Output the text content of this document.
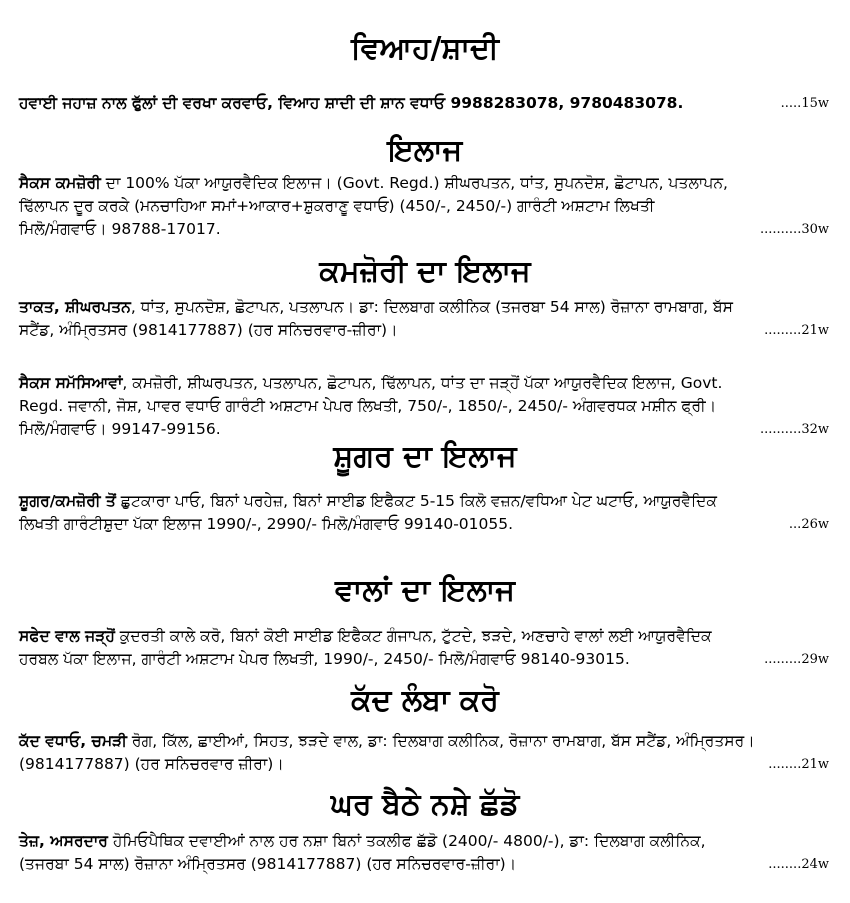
ਵਿਆਹ/ਸ਼ਾਦੀ
ਹਵਾਈ ਜਹਾਜ਼ ਨਾਲ ਫੁੱਲਾਂ ਦੀ ਵਰਖਾ ਕਰਵਾਓ, ਵਿਆਹ ਸ਼ਾਦੀ ਦੀ ਸ਼ਾਨ ਵਧਾਓ 9988283078, 9780483078.	.....15w
ਇਲਾਜ
ਸੈਕਸ ਕਮਜ਼ੋਰੀ ਦਾ 100% ਪੱਕਾ ਆਯੁਰਵੈਦਿਕ ਇਲਾਜ। (Govt. Regd.) ਸ਼ੀਘਰਪਤਨ, ਧਾਂਤ, ਸੁਪਨਦੋਸ਼, ਛੋਟਾਪਨ, ਪਤਲਾਪਨ,
ਢਿੱਲਾਪਨ ਦੂਰ ਕਰਕੇ (ਮਨਚਾਹਿਆ ਸਮਾਂ+ਆਕਾਰ+ਸ਼ੁਕਰਾਣੂ ਵਧਾਓ) (450/-, 2450/-) ਗਾਰੰਟੀ ਅਸ਼ਟਾਮ ਲਿਖਤੀ
ਮਿਲੋ/ਮੰਗਵਾਓ। 98788-17017.	..........30w
ਕਮਜ਼ੋਰੀ ਦਾ ਇਲਾਜ
ਤਾਕਤ, ਸ਼ੀਘਰਪਤਨ, ਧਾਂਤ, ਸੁਪਨਦੋਸ਼, ਛੋਟਾਪਨ, ਪਤਲਾਪਨ। ਡਾ: ਦਿਲਬਾਗ ਕਲੀਨਿਕ (ਤਜਰਬਾ 54 ਸਾਲ) ਰੋਜ਼ਾਨਾ ਰਾਮਬਾਗ, ਬੱਸ
ਸਟੈਂਡ, ਅੰਮ੍ਰਿਤਸਰ (9814177887) (ਹਰ ਸਨਿਚਰਵਾਰ-ਜ਼ੀਰਾ)।	.........21w
ਸੈਕਸ ਸਮੱਸਿਆਵਾਂ, ਕਮਜ਼ੋਰੀ, ਸ਼ੀਘਰਪਤਨ, ਪਤਲਾਪਨ, ਛੋਟਾਪਨ, ਢਿੱਲਾਪਨ, ਧਾਂਤ ਦਾ ਜੜ੍ਹੋਂ ਪੱਕਾ ਆਯੁਰਵੈਦਿਕ ਇਲਾਜ, Govt.
Regd. ਜਵਾਨੀ, ਜੋਸ਼, ਪਾਵਰ ਵਧਾਓ ਗਾਰੰਟੀ ਅਸ਼ਟਾਮ ਪੇਪਰ ਲਿਖਤੀ, 750/-, 1850/-, 2450/- ਅੰਗਵਰਧਕ ਮਸ਼ੀਨ ਫ੍ਰੀ।
ਮਿਲੋ/ਮੰਗਵਾਓ। 99147-99156.	..........32w
ਸ਼ੂਗਰ ਦਾ ਇਲਾਜ
ਸ਼ੂਗਰ/ਕਮਜ਼ੋਰੀ ਤੋਂ ਛੁਟਕਾਰਾ ਪਾਓ, ਬਿਨਾਂ ਪਰਹੇਜ਼, ਬਿਨਾਂ ਸਾਈਡ ਇਫੈਕਟ 5-15 ਕਿਲੋ ਵਜ਼ਨ/ਵਧਿਆ ਪੇਟ ਘਟਾਓ, ਆਯੁਰਵੈਦਿਕ
ਲਿਖਤੀ ਗਾਰੰਟੀਸ਼ੁਦਾ ਪੱਕਾ ਇਲਾਜ 1990/-, 2990/- ਮਿਲੋ/ਮੰਗਵਾਓ 99140-01055.	...26w
ਵਾਲਾਂ ਦਾ ਇਲਾਜ
ਸਫੇਦ ਵਾਲ ਜੜ੍ਹੋਂ ਕੁਦਰਤੀ ਕਾਲੇ ਕਰੋ, ਬਿਨਾਂ ਕੋਈ ਸਾਈਡ ਇਫੈਕਟ ਗੰਜਾਪਨ, ਟੁੱਟਦੇ, ਝੜਦੇ, ਅਣਚਾਹੇ ਵਾਲਾਂ ਲਈ ਆਯੁਰਵੈਦਿਕ
ਹਰਬਲ ਪੱਕਾ ਇਲਾਜ, ਗਾਰੰਟੀ ਅਸ਼ਟਾਮ ਪੇਪਰ ਲਿਖਤੀ, 1990/-, 2450/- ਮਿਲੋ/ਮੰਗਵਾਓ 98140-93015.	.........29w
ਕੱਦ ਲੰਬਾ ਕਰੋ
ਕੱਦ ਵਧਾਓ, ਚਮੜੀ ਰੋਗ, ਕਿੱਲ, ਛਾਈਆਂ, ਸਿਹਤ, ਝੜਦੇ ਵਾਲ, ਡਾ: ਦਿਲਬਾਗ ਕਲੀਨਿਕ, ਰੋਜ਼ਾਨਾ ਰਾਮਬਾਗ, ਬੱਸ ਸਟੈਂਡ, ਅੰਮ੍ਰਿਤਸਰ।
(9814177887) (ਹਰ ਸਨਿਚਰਵਾਰ ਜ਼ੀਰਾ)।	........21w
ਘਰ ਬੈਠੇ ਨਸ਼ੇ ਛੱਡੋ
ਤੇਜ਼, ਅਸਰਦਾਰ ਹੋਮਿਓਪੈਥਿਕ ਦਵਾਈਆਂ ਨਾਲ ਹਰ ਨਸ਼ਾ ਬਿਨਾਂ ਤਕਲੀਫ ਛੱਡੋ (2400/- 4800/-), ਡਾ: ਦਿਲਬਾਗ ਕਲੀਨਿਕ,
(ਤਜਰਬਾ 54 ਸਾਲ) ਰੋਜ਼ਾਨਾ ਅੰਮ੍ਰਿਤਸਰ (9814177887) (ਹਰ ਸਨਿਚਰਵਾਰ-ਜ਼ੀਰਾ)।	........24w
